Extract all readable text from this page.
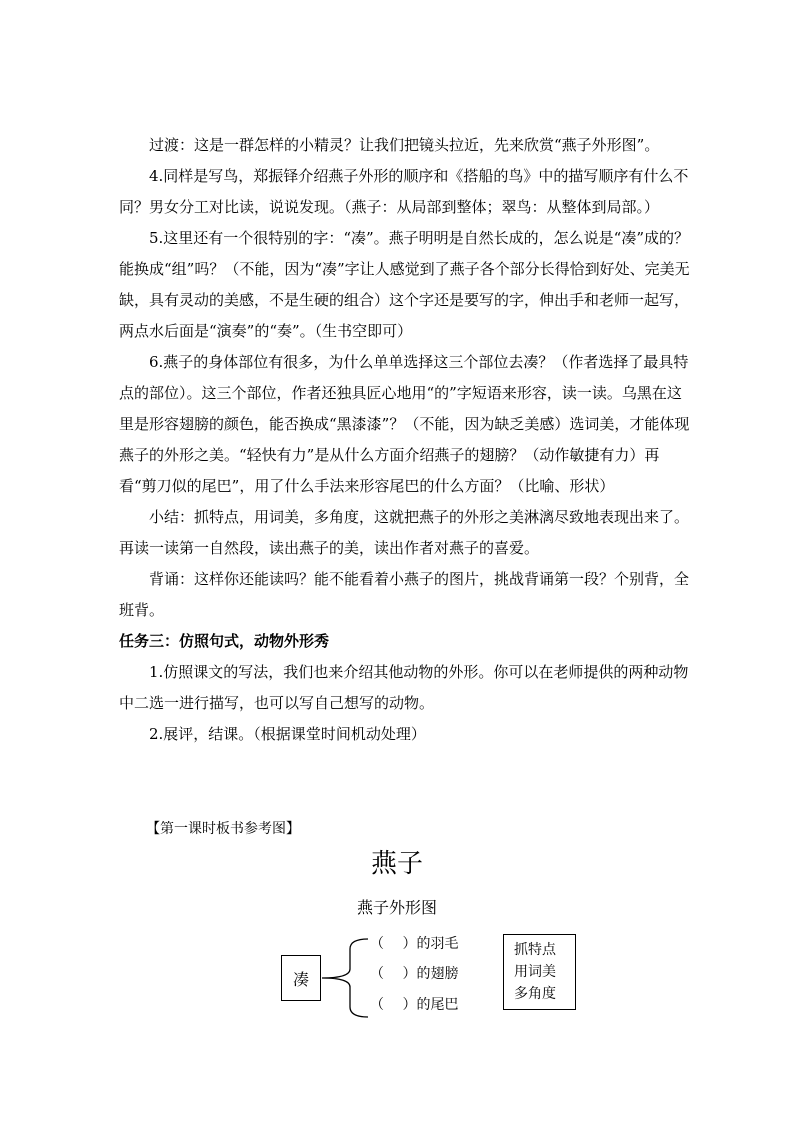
过渡：这是一群怎样的小精灵？让我们把镜头拉近，先来欣赏“燕子外形图”。

4.同样是写鸟，郑振铎介绍燕子外形的顺序和《搭船的鸟》中的描写顺序有什么不同？男女分工对比读，说说发现。（燕子：从局部到整体；翠鸟：从整体到局部。）

5.这里还有一个很特别的字：“凑”。燕子明明是自然长成的，怎么说是“凑”成的？能换成“组”吗？（不能，因为“凑”字让人感觉到了燕子各个部分长得恰到好处、完美无缺，具有灵动的美感，不是生硬的组合）这个字还是要写的字，伸出手和老师一起写，两点水后面是“演奏”的“奏”。（生书空即可）

6.燕子的身体部位有很多，为什么单单选择这三个部位去凑？（作者选择了最具特点的部位）。这三个部位，作者还独具匠心地用“的”字短语来形容，读一读。乌黑在这里是形容翅膀的颜色，能否换成“黑漆漆”？（不能，因为缺乏美感）选词美，才能体现燕子的外形之美。“轻快有力”是从什么方面介绍燕子的翅膀？（动作敏捷有力）再看“剪刀似的尾巴”，用了什么手法来形容尾巴的什么方面？（比喻、形状）

小结：抓特点，用词美，多角度，这就把燕子的外形之美淋漓尽致地表现出来了。再读一读第一自然段，读出燕子的美，读出作者对燕子的喜爱。

背诵：这样你还能读吗？能不能看着小燕子的图片，挑战背诵第一段？个别背，全班背。

任务三：仿照句式，动物外形秀

1.仿照课文的写法，我们也来介绍其他动物的外形。你可以在老师提供的两种动物中二选一进行描写，也可以写自己想写的动物。

2.展评，结课。（根据课堂时间机动处理）

【第一课时板书参考图】
燕子
燕子外形图
凑
（　 ）的羽毛
（　 ）的翅膀
（　 ）的尾巴
抓特点
用词美
多角度
